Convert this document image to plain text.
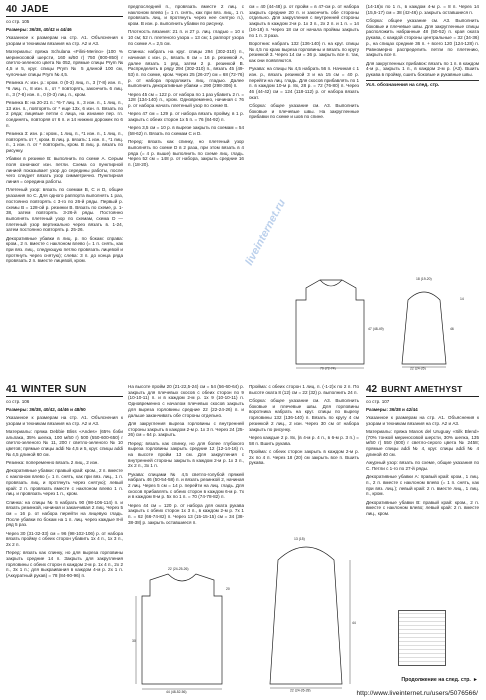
40 JADE
со стр. 105

Размеры: 36/38, 40/42 и 44/46

Указанное к размерам на стр. А1. Объяснения к узорам и техникам вязания на стр. А2 и А3.

Материалы: пряжа Schulana «Filini-Merino» (100 % мериносовой шерсти, 160 м/50 г) 750 (800-850) г светло-зеленого цвета № 052, прямые спицы Prym № 4,5 и 5, круг. спицы Prym № 5 длиной 100 см, чулочные спицы Prym № 4,5.

Резинка A: изн. р.: кром. 0 (0-3) лиц. п., 3 (7-8) изн. п., *6 лиц. п., 8 изн. п., от * повторять, закончить 6 лиц. п., 3 (7-8) изн. п., 0 (0-3) лиц. п., кром.

Резинка B: на 20-21 п.: *6-7 лиц. п., 3 изн. п., 1 лиц. п., 13 изн. п., повторять от * еще 13x, 6 изн. п. Вязать по 2 ряда; лицевые петли с лица, на изнанке пер. гл. соединять, повторяя от 6 п. и 14 нижних дорожек по 6 п.

Резинка 3: изн. р.: кром., 1 лиц. п., *1 изн. п., 1 лиц. п., повторять от *, кром. В лиц. р. вязать: 1 изн. п., *1 лиц. п., 1 изн. п. от * повторить, кром. В лиц. р. вязать по рисунку.

Убавки в резинке B: выполнить по схеме A. Серым поля означают изн. петли. Схема со пунктирной линией показывает узор до середины работы, после чего следует вязать узор симметрично. Пунктирная линия = середина работы.

Плетеный узор: вязать по схемам B, C и D, общие указания по С. Для одного раппорта выполнять 1 раз, постоянно повторять с 3-го по 26-й ряды. Первый р. схемы В = 128-ой р. резинки B. Вязать по схеме, р. 1-38, затем повторять 3-26-й ряды. Постоянно выполнять плетеный узор по схемам, схема D — плетеный узор вертикально через вязать в. 1-24, затем постоянно повторять р. 25-26.

Декоративные убавки в лиц. р. по бокам: справа: кром., 2 п. вместе с наклоном влево (= 1 п. снять, как при вяз. лиц., следующую петлю провязать лицевой и протянуть через снятую); слева: 3 п. до конца ряда провязать 2 п. вместе лицевой, кром.

предпоследней п., провязать вместе 2 лиц. с наклоном влево (= 1 п. снять, как при вяз. лиц., 1 п. провязать лиц. и протянуть через нее снятую п.), кром. В изн. р. выполнить убавки по рисунку.

Плотность вязания: 21 п. и 27 р. лиц. гладью = 10 x 10 см; 52 п. плетеного узора = 13 см; 1 раппорт узора по схеме A = 2,5 см.

Спинка: набрать на круг. спицы 294 (302-310) п., начиная с изн. р., вязать 6 см = 16 р. резинкой A, далее вязать 1 ряд, затем 2 р. резинкой B. Распределить в ряду 294 (302-310) п., вязать 45 (49-53) п. по схеме, кром. Через 25 (26-27) см = 68 (72-76) р. от набора продолжить лиц. гладью. Далее выполнить декоративные убавки = 290 (298-306) п.

Через 45 см = 122 р. от набора по 1 раз убавить 2 п. = 128 (134-140) п., кром. Одновременно, начиная с 76 р. от набора начать плетеный узор по схеме B.

Через 47 см = 129 р. от набора вязать пройму, в 1 р. закрыть с обеих сторон 1x 5 п. = 76 (84-92) п.

Через 3,5 см = 10 р. в вырезе закрыть по схемам = 54 (58-62) п. Вязать по схемам C и D.

Перед: вязать как спинку, но плетеный узор выполнять по схеме D в 2 раза, при этом вязать в 4 ряда (= 4 р. выше) выполнить по схеме лиц. гладь. Через 52 см = 148 р. от набора, закрыть средние 16 п. (18-20).

см = 40 (44-48) р. от пройм = в 47-см р. от набора закрыть средние 20 п. и закончить обе стороны отдельно. Для закругления с внутренней стороны закрыть в каждом 2-м р. 1x 3 п., 2x 2 п. и 1 п. = 14 (16-18) п. Через 18 см от начала проймы закрыть по 1 п. 3 раза.

Воротник: набрать 132 (136-140) п. на круг. спицы № 4,5 по краю выреза горловины и вязать по кругу резинкой 3. Через 14 см = 36 р. закрыть все п. так, как они появляются.

Рукава: на спицы № 4,5 набрать 56 п. Начиная с 1 изн. р., вязать резинкой 3 и на 15 см = 40 р. перейти на лиц. гладь. Для скосов прибавлять по 1 п. в каждом 10-м р. 8x, 28 р. = 72 (76-80) п. Через 46 (44-42) см = 124 (118-112) р. от набора вязать окат.

Сборка: общее указание см. A3. Выполнить боковые и плечевые швы. На закругленные прибавки по схеме и шов по спине.

(14-16)x по 1 п., в каждом 4-м р. = 8 п. Через 14 (15,5-17) см = 38 (42-46) р. закрыть оставшиеся п.

Сборка: общее указание см. A3. Выполнить боковые и плечевые швы. Для закругленные спицы расположить набранные 48 (50-52) п. края оката рукава, с каждой стороны центральные = 32 (34-36) р., на спицах средние 36 п. + всего 120 (124-128) п. Равномерно распределить петли по плетению, закрыть все п.

Для закругленных прибавок: вязать по 1 п. в каждом 4-м р., закрыть 1 п., в каждом 2-м р. (A3). Вшить рукава в пройму, сшить боковые и рукавные швы.

Усл. обозначения на след. стр.
70 (72-74)
47 (48-49)
22 (24-26)
46
18 (19-20)
14
liveinternet.ru
41 WINTER SUN
со стр. 106

Размеры: 36/38, 40/42, 44/46 и 48/50

Указанное к размерам на стр. А1. Объяснения к узорам и техникам вязания на стр. А2 и А3.

Материалы: пряжа Debbie Bliss «Andes» (65% бэби альпака, 35% шелка, 100 м/50 г) 500 (550-600-650) г светло-зеленого № 11, 200 г светло-зеленого № 10 цветов; прямые спицы addi № 4,5 и 5, круг. спицы addi № 4,5 длиной 60 см.

Резинка: попеременно вязать 2 лиц., 2 изн.

Декоративные убавки: правый край: кром., 2 п. вместе с наклоном влево (= 1 п. снять, как при вяз. лиц., 1 п. провязать лиц. и протянуть через снятую); левый край: 2 п. провязать вместе с наклоном влево 1 п. лиц. и провязать через 1 п., кром.

Спинка: на спицы № 5 набрать 90 (98-106-114) п. и вязать резинкой, начиная и заканчивая 2 лиц. Через 5 см = 16 р. от набора перейти на лицевую гладь. После убавки по бокам на 1 п. лиц. через каждые 8-й ряд 5 раз.

Через 30 (31-32-33) см = 96 (98-102-106) р. от набора вязать пройму с обеих сторон убавить 1x 4 п., 1x 3 п., 2x 2 п.

Перед: вязать как спинку, но для выреза горловины закрыть средние 14 п. Закрыть для закругления горловины с обеих сторон в каждом 2-м р. 1x 4 п., 2x 2 п., 3x 1 п.; для выкраивания в каждом 4-м р. 2x 1 п. (Аккуратный рукав) = 78 (84-90-96) п.

На высоте пройм 20 (21-22,5-24) см = 54 (56-60-64) р. закрыть для плечевых скосов с обеих сторон по 9 (10-10-11) п. и в каждом 2-м р. 1x 9 (10-10-11) п. Одновременно с началом плечевых скосов закрыть для выреза горловины средние 22 (22-24-26) п. и дальше заканчивать обе стороны отдельно.

Для закругления выреза горловины с внутренней стороны закрыть в каждом 2-м р. 1x 3 п. Через 24 (25-26) см = 64 р. закрыть.

Перед: вязать как спинку, но для более глубокого выреза горловины закрыть средние 12 (12-14-16) п. на высоте пройм 13 см. Для закругления с внутренней стороны закрыть в каждом 2-м р. 1x 3 п., 2x 2 п., 3x 1 п.

Рукава: спицами № 4,5 светло-голубой пряжей набрать 46 (50-54-58) п. и вязать резинкой 2, начиная 2 лиц. Через 5 см = 14 р. перейти на лиц. гладь. Для скосов прибавлять с обеих сторон в каждом 6-м р. 7x и в каждом 8-м р. 5x по 1 п. = 70 (74-78-82) п.

Через 44 см = 120 р. от набора для оката рукава закрыть с обеих сторон 1x 3 п., в каждом 2-м р. 7x 1 п. = 62 (66-74-82) п. Через 13 (15-15-15) см = 34 (38-38-38) р. закрыть оставшиеся п.

44 (48-52-56)
30
22 (24-25-26)
20

Пройма: с обеих сторон 1 лиц. п. (-1-2)х по 2 п. По высоте оката 8 (12) см = 22 (32) р. выполнить 24 п.

Сборка: общее указание см. A3. Выполнить боковые и плечевые швы. Для горловины воротника набрать на круг. спицы по вырезу горловины 132 (136-140) п. Вязать по кругу 4 см резинкой 2 лиц., 2 изн. Через 30 см от набора закрыть по рисунку.

Через каждые 2 р. 8х, (в 4-м р. 4 п., в 6-м р. 3 п.) = 58 п. Вшить рукава.

Пройма: с обеих сторон закрыть в каждом 2-м р. 2х по 4 п. Через 18 (20) см закрыть все п. Вшить рукава.

22 (24-26-28)
44
13 (15)
42 BURNT AMETHYST
со стр. 107

Размеры: 36/38 и 42/44

Указанное к размерам на стр. А1. Объяснения к узорам и техникам вязания на стр. А2 и А3.

Материалы: пряжа Manos del Uruguay «Silk Blend» (70% тонкой мериносовой шерсти, 30% шелка, 135 м/50 г) 550 (600) г светло-серого цвета № 2458; прямые спицы addi № 4, круг. спицы addi № 4 длиной 40 см.

Ажурный узор: вязать по схеме, общие указания по С. Петли с 1-го по 27-й ряды.

Декоративные убавки A: правый край: кром., 1 лиц. п., 2 п. вместе с наклоном влево (= 1 п. снять, как при вяз. лиц.); левый край: 2 п. вместе лиц., 1 лиц. п., кром.

Декоративные убавки B: правый край: кром., 2 п. вместе с наклоном влево; левый край: 2 п. вместе лиц., кром.

Продолжение на след. стр. ►
http://www.liveinternet.ru/users/5076566/
